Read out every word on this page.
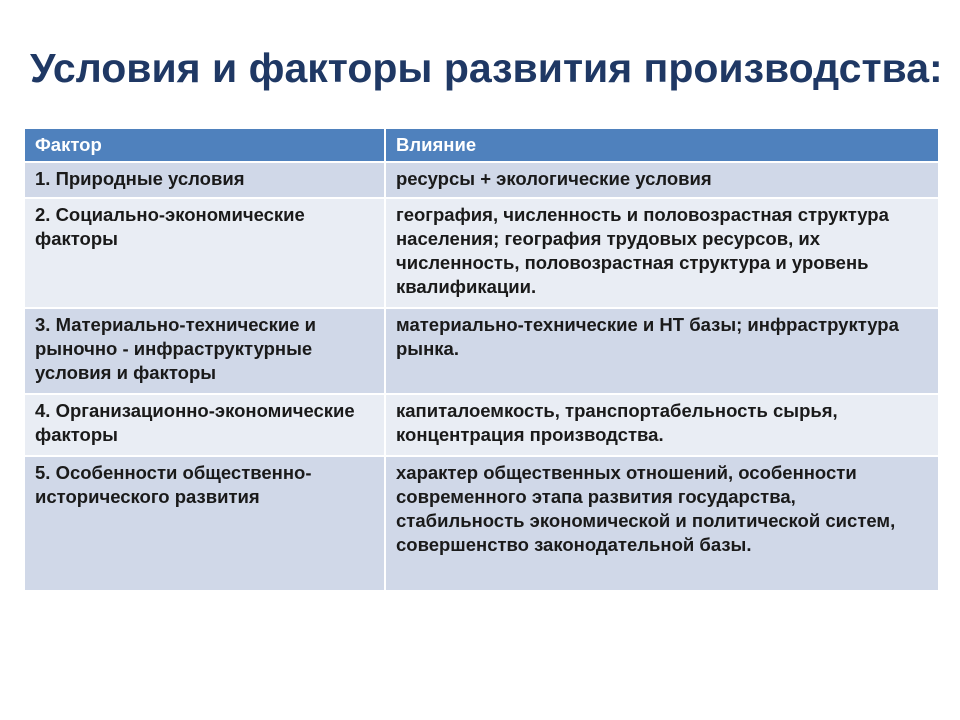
Условия и факторы развития производства:
Фактор	Влияние
1. Природные условия	ресурсы + экологические условия
2. Социально-экономические факторы	география, численность и половозрастная структура населения; география трудовых ресурсов, их численность, половозрастная структура и уровень квалификации.
3. Материально-технические и рыночно - инфраструктурные условия и факторы	материально-технические и НТ базы; инфраструктура рынка.
4. Организационно-экономические факторы	капиталоемкость, транспортабельность сырья, концентрация производства.
5. Особенности общественно-исторического развития	характер общественных отношений, особенности современного этапа развития государства, стабильность экономической и политической систем, совершенство законодательной базы.
